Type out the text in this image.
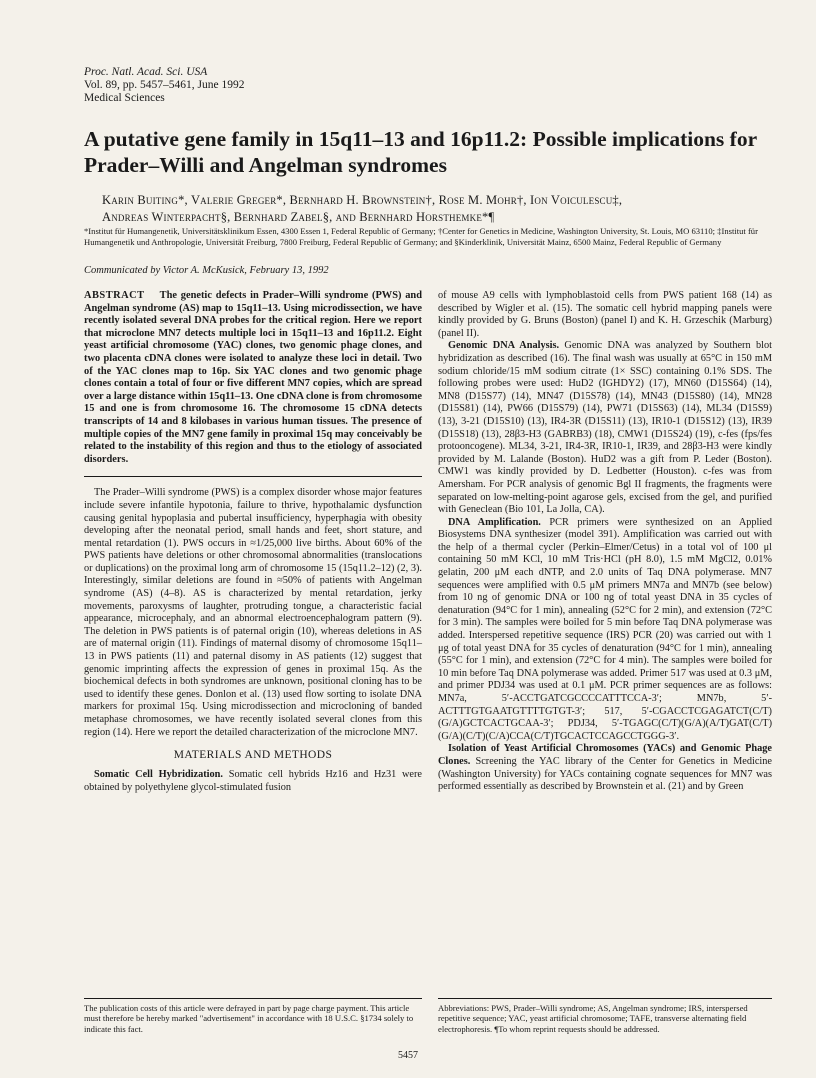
Proc. Natl. Acad. Sci. USA
Vol. 89, pp. 5457–5461, June 1992
Medical Sciences
A putative gene family in 15q11–13 and 16p11.2: Possible implications for Prader–Willi and Angelman syndromes
Karin Buiting*, Valerie Greger*, Bernhard H. Brownstein†, Rose M. Mohr†, Ion Voiculescu‡,
Andreas Winterpacht§, Bernhard Zabel§, and Bernhard Horsthemke*¶
*Institut für Humangenetik, Universitätsklinikum Essen, 4300 Essen 1, Federal Republic of Germany; †Center for Genetics in Medicine, Washington University, St. Louis, MO 63110; ‡Institut für Humangenetik und Anthropologie, Universität Freiburg, 7800 Freiburg, Federal Republic of Germany; and §Kinderklinik, Universität Mainz, 6500 Mainz, Federal Republic of Germany
Communicated by Victor A. McKusick, February 13, 1992

ABSTRACT The genetic defects in Prader–Willi syndrome (PWS) and Angelman syndrome (AS) map to 15q11–13. Using microdissection, we have recently isolated several DNA probes for the critical region. Here we report that microclone MN7 detects multiple loci in 15q11–13 and 16p11.2. Eight yeast artificial chromosome (YAC) clones, two genomic phage clones, and two placenta cDNA clones were isolated to analyze these loci in detail. Two of the YAC clones map to 16p. Six YAC clones and two genomic phage clones contain a total of four or five different MN7 copies, which are spread over a large distance within 15q11–13. One cDNA clone is from chromosome 15 and one is from chromosome 16. The chromosome 15 cDNA detects transcripts of 14 and 8 kilobases in various human tissues. The presence of multiple copies of the MN7 gene family in proximal 15q may conceivably be related to the instability of this region and thus to the etiology of associated disorders.

The Prader–Willi syndrome (PWS) is a complex disorder whose major features include severe infantile hypotonia, failure to thrive, hypothalamic dysfunction causing genital hypoplasia and pubertal insufficiency, hyperphagia with obesity developing after the neonatal period, small hands and feet, short stature, and mental retardation (1). PWS occurs in ≈1/25,000 live births. About 60% of the PWS patients have deletions or other chromosomal abnormalities (translocations or duplications) on the proximal long arm of chromosome 15 (15q11.2–12) (2, 3). Interestingly, similar deletions are found in ≈50% of patients with Angelman syndrome (AS) (4–8). AS is characterized by mental retardation, jerky movements, paroxysms of laughter, protruding tongue, a characteristic facial appearance, microcephaly, and an abnormal electroencephalogram pattern (9). The deletion in PWS patients is of paternal origin (10), whereas deletions in AS are of maternal origin (11). Findings of maternal disomy of chromosome 15q11–13 in PWS patients (11) and paternal disomy in AS patients (12) suggest that genomic imprinting affects the expression of genes in proximal 15q. As the biochemical defects in both syndromes are unknown, positional cloning has to be used to identify these genes. Donlon et al. (13) used flow sorting to isolate DNA markers for proximal 15q. Using microdissection and microcloning of banded metaphase chromosomes, we have recently isolated several clones from this region (14). Here we report the detailed characterization of the microclone MN7.

MATERIALS AND METHODS

Somatic Cell Hybridization. Somatic cell hybrids Hz16 and Hz31 were obtained by polyethylene glycol-stimulated fusion

of mouse A9 cells with lymphoblastoid cells from PWS patient 168 (14) as described by Wigler et al. (15). The somatic cell hybrid mapping panels were kindly provided by G. Bruns (Boston) (panel I) and K. H. Grzeschik (Marburg) (panel II).

Genomic DNA Analysis. Genomic DNA was analyzed by Southern blot hybridization as described (16). The final wash was usually at 65°C in 150 mM sodium chloride/15 mM sodium citrate (1× SSC) containing 0.1% SDS. The following probes were used: HuD2 (IGHDY2) (17), MN60 (D15S64) (14), MN8 (D15S77) (14), MN47 (D15S78) (14), MN43 (D15S80) (14), MN28 (D15S81) (14), PW66 (D15S79) (14), PW71 (D15S63) (14), ML34 (D15S9) (13), 3-21 (D15S10) (13), IR4-3R (D15S11) (13), IR10-1 (D15S12) (13), IR39 (D15S18) (13), 28β3-H3 (GABRB3) (18), CMW1 (D15S24) (19), c-fes (fps/fes protooncogene). ML34, 3-21, IR4-3R, IR10-1, IR39, and 28β3-H3 were kindly provided by M. Lalande (Boston). HuD2 was a gift from P. Leder (Boston). CMW1 was kindly provided by D. Ledbetter (Houston). c-fes was from Amersham. For PCR analysis of genomic Bgl II fragments, the fragments were separated on low-melting-point agarose gels, excised from the gel, and purified with Geneclean (Bio 101, La Jolla, CA).

DNA Amplification. PCR primers were synthesized on an Applied Biosystems DNA synthesizer (model 391). Amplification was carried out with the help of a thermal cycler (Perkin–Elmer/Cetus) in a total vol of 100 μl containing 50 mM KCl, 10 mM Tris·HCl (pH 8.0), 1.5 mM MgCl2, 0.01% gelatin, 200 μM each dNTP, and 2.0 units of Taq DNA polymerase. MN7 sequences were amplified with 0.5 μM primers MN7a and MN7b (see below) from 10 ng of genomic DNA or 100 ng of total yeast DNA in 35 cycles of denaturation (94°C for 1 min), annealing (52°C for 2 min), and extension (72°C for 3 min). The samples were boiled for 5 min before Taq DNA polymerase was added. Interspersed repetitive sequence (IRS) PCR (20) was carried out with 1 μg of total yeast DNA for 35 cycles of denaturation (94°C for 1 min), annealing (55°C for 1 min), and extension (72°C for 4 min). The samples were boiled for 10 min before Taq DNA polymerase was added. Primer 517 was used at 0.3 μM, and primer PDJ34 was used at 0.1 μM. PCR primer sequences are as follows: MN7a, 5′-ACCTGATCGCCCCATTTCCA-3′; MN7b, 5′-ACTTTGTGAATGTTTTGTGT-3′; 517, 5′-CGACCTCGAGATCT(C/T)(G/A)GCTCACTGCAA-3′; PDJ34, 5′-TGAGC(C/T)(G/A)(A/T)GAT(C/T)(G/A)(C/T)(C/A)CCA(C/T)TGCACTCCAGCCTGGG-3′.

Isolation of Yeast Artificial Chromosomes (YACs) and Genomic Phage Clones. Screening the YAC library of the Center for Genetics in Medicine (Washington University) for YACs containing cognate sequences for MN7 was performed essentially as described by Brownstein et al. (21) and by Green

The publication costs of this article were defrayed in part by page charge payment. This article must therefore be hereby marked "advertisement" in accordance with 18 U.S.C. §1734 solely to indicate this fact.
Abbreviations: PWS, Prader–Willi syndrome; AS, Angelman syndrome; IRS, interspersed repetitive sequence; YAC, yeast artificial chromosome; TAFE, transverse alternating field electrophoresis. ¶To whom reprint requests should be addressed.
5457
